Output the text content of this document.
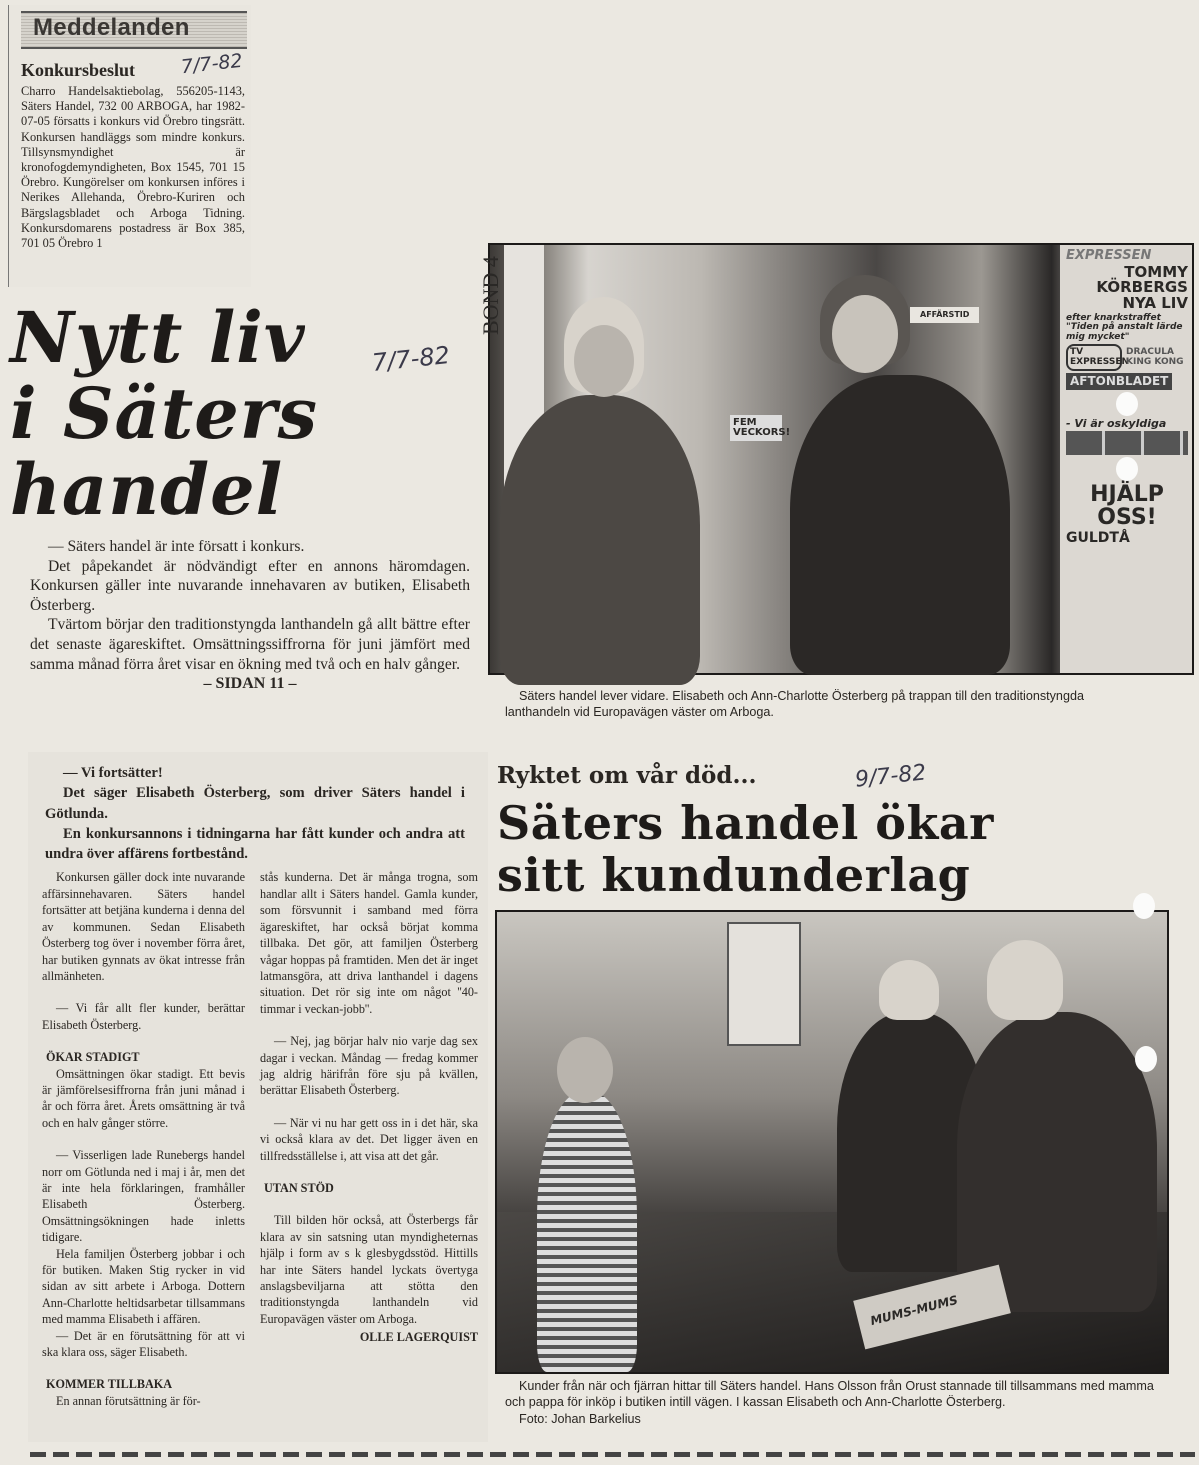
Meddelanden
Konkursbeslut 7/7-82
Charro Handelsaktiebolag, 556205-1143, Säters Handel, 732 00 ARBOGA, har 1982-07-05 försatts i konkurs vid Örebro tingsrätt. Konkursen handläggs som mindre konkurs. Tillsynsmyndighet är kronofogdemyndigheten, Box 1545, 701 15 Örebro. Kungörelser om konkursen införes i Nerikes Allehanda, Örebro-Kuriren och Bärgslagsbladet och Arboga Tidning. Konkursdomarens postadress är Box 385, 701 05 Örebro 1
Nytt liv
i Säters
handel
7/7-82

— Säters handel är inte försatt i konkurs.

Det påpekandet är nödvändigt efter en annons häromdagen. Konkursen gäller inte nuvarande innehavaren av butiken, Elisabeth Österberg.

Tvärtom börjar den traditionstyngda lanthandeln gå allt bättre efter det senaste ägareskiftet. Omsättningssiffrorna för juni jämfört med samma månad förra året visar en ökning med två och en halv gånger.

– SIDAN 11 –
BOND 4	AFFÄRSTID
FEM VECKORS!
EXPRESSEN
TOMMY KÖRBERGS NYA LIV
efter knarkstraffet "Tiden på anstalt lärde mig mycket"
TV EXPRESSEN
DRACULA KING KONG
AFTONBLADET
- Vi är oskyldiga
HJÄLP OSS!
GULDTÅ

Säters handel lever vidare. Elisabeth och Ann-Charlotte Österberg på trappan till den traditionstyngda lanthandeln vid Europavägen väster om Arboga.

— Vi fortsätter!

Det säger Elisabeth Österberg, som driver Säters handel i Götlunda.

En konkursannons i tidningarna har fått kunder och andra att undra över affärens fortbestånd.

Konkursen gäller dock inte nuvarande affärsinnehavaren. Säters handel fortsätter att betjäna kunderna i denna del av kommunen. Sedan Elisabeth Österberg tog över i november förra året, har butiken gynnats av ökat intresse från allmänheten.

— Vi får allt fler kunder, berättar Elisabeth Österberg.

ÖKAR STADIGT

Omsättningen ökar stadigt. Ett bevis är jämförelsesiffrorna från juni månad i år och förra året. Årets omsättning är två och en halv gånger större.

— Visserligen lade Runebergs handel norr om Götlunda ned i maj i år, men det är inte hela förklaringen, framhåller Elisabeth Österberg. Omsättningsökningen hade inletts tidigare.

Hela familjen Österberg jobbar i och för butiken. Maken Stig rycker in vid sidan av sitt arbete i Arboga. Dottern Ann-Charlotte heltidsarbetar tillsammans med mamma Elisabeth i affären.

— Det är en förutsättning för att vi ska klara oss, säger Elisabeth.

KOMMER TILLBAKA

En annan förutsättning är för-

stås kunderna. Det är många trogna, som handlar allt i Säters handel. Gamla kunder, som försvunnit i samband med förra ägareskiftet, har också börjat komma tillbaka. Det gör, att familjen Österberg vågar hoppas på framtiden. Men det är inget latmansgöra, att driva lanthandel i dagens situation. Det rör sig inte om något ''40-timmar i veckan-jobb''.

— Nej, jag börjar halv nio varje dag sex dagar i veckan. Måndag — fredag kommer jag aldrig härifrån före sju på kvällen, berättar Elisabeth Österberg.

— När vi nu har gett oss in i det här, ska vi också klara av det. Det ligger även en tillfredsställelse i, att visa att det går.

UTAN STÖD

Till bilden hör också, att Österbergs får klara av sin satsning utan myndigheternas hjälp i form av s k glesbygdsstöd. Hittills har inte Säters handel lyckats övertyga anslagsbeviljarna att stötta den traditionstyngda lanthandeln vid Europavägen väster om Arboga.

OLLE LAGERQUIST
Ryktet om vår död...	9/7-82
Säters handel ökar
sitt kundunderlag
MUMS-MUMS

Kunder från när och fjärran hittar till Säters handel. Hans Olsson från Orust stannade till tillsammans med mamma och pappa för inköp i butiken intill vägen. I kassan Elisabeth och Ann-Charlotte Österberg.

Foto: Johan Barkelius
